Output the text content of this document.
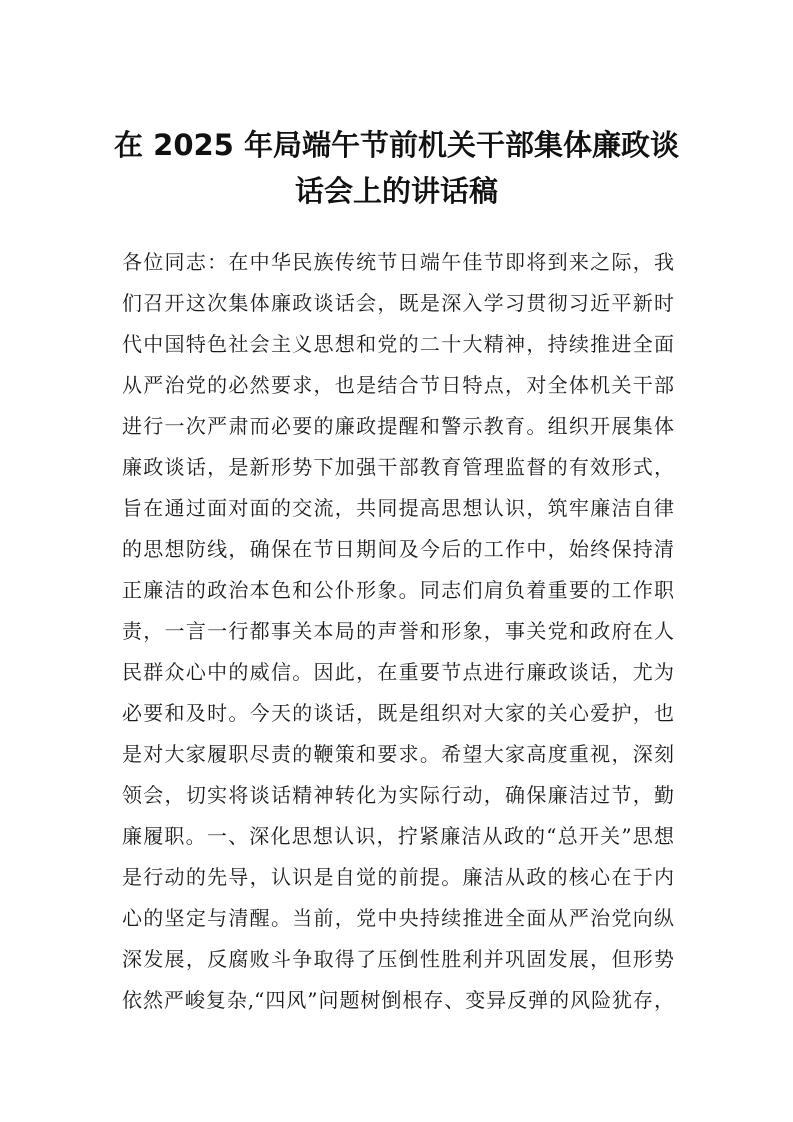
在 2025 年局端午节前机关干部集体廉政谈
话会上的讲话稿
各位同志：在中华民族传统节日端午佳节即将到来之际，我
们召开这次集体廉政谈话会，既是深入学习贯彻习近平新时
代中国特色社会主义思想和党的二十大精神，持续推进全面
从严治党的必然要求，也是结合节日特点，对全体机关干部
进行一次严肃而必要的廉政提醒和警示教育。组织开展集体
廉政谈话，是新形势下加强干部教育管理监督的有效形式，
旨在通过面对面的交流，共同提高思想认识，筑牢廉洁自律
的思想防线，确保在节日期间及今后的工作中，始终保持清
正廉洁的政治本色和公仆形象。同志们肩负着重要的工作职
责，一言一行都事关本局的声誉和形象，事关党和政府在人
民群众心中的威信。因此，在重要节点进行廉政谈话，尤为
必要和及时。今天的谈话，既是组织对大家的关心爱护，也
是对大家履职尽责的鞭策和要求。希望大家高度重视，深刻
领会，切实将谈话精神转化为实际行动，确保廉洁过节，勤
廉履职。一、深化思想认识，拧紧廉洁从政的“总开关”思想
是行动的先导，认识是自觉的前提。廉洁从政的核心在于内
心的坚定与清醒。当前，党中央持续推进全面从严治党向纵
深发展，反腐败斗争取得了压倒性胜利并巩固发展，但形势
依然严峻复杂,“四风”问题树倒根存、变异反弹的风险犹存，
